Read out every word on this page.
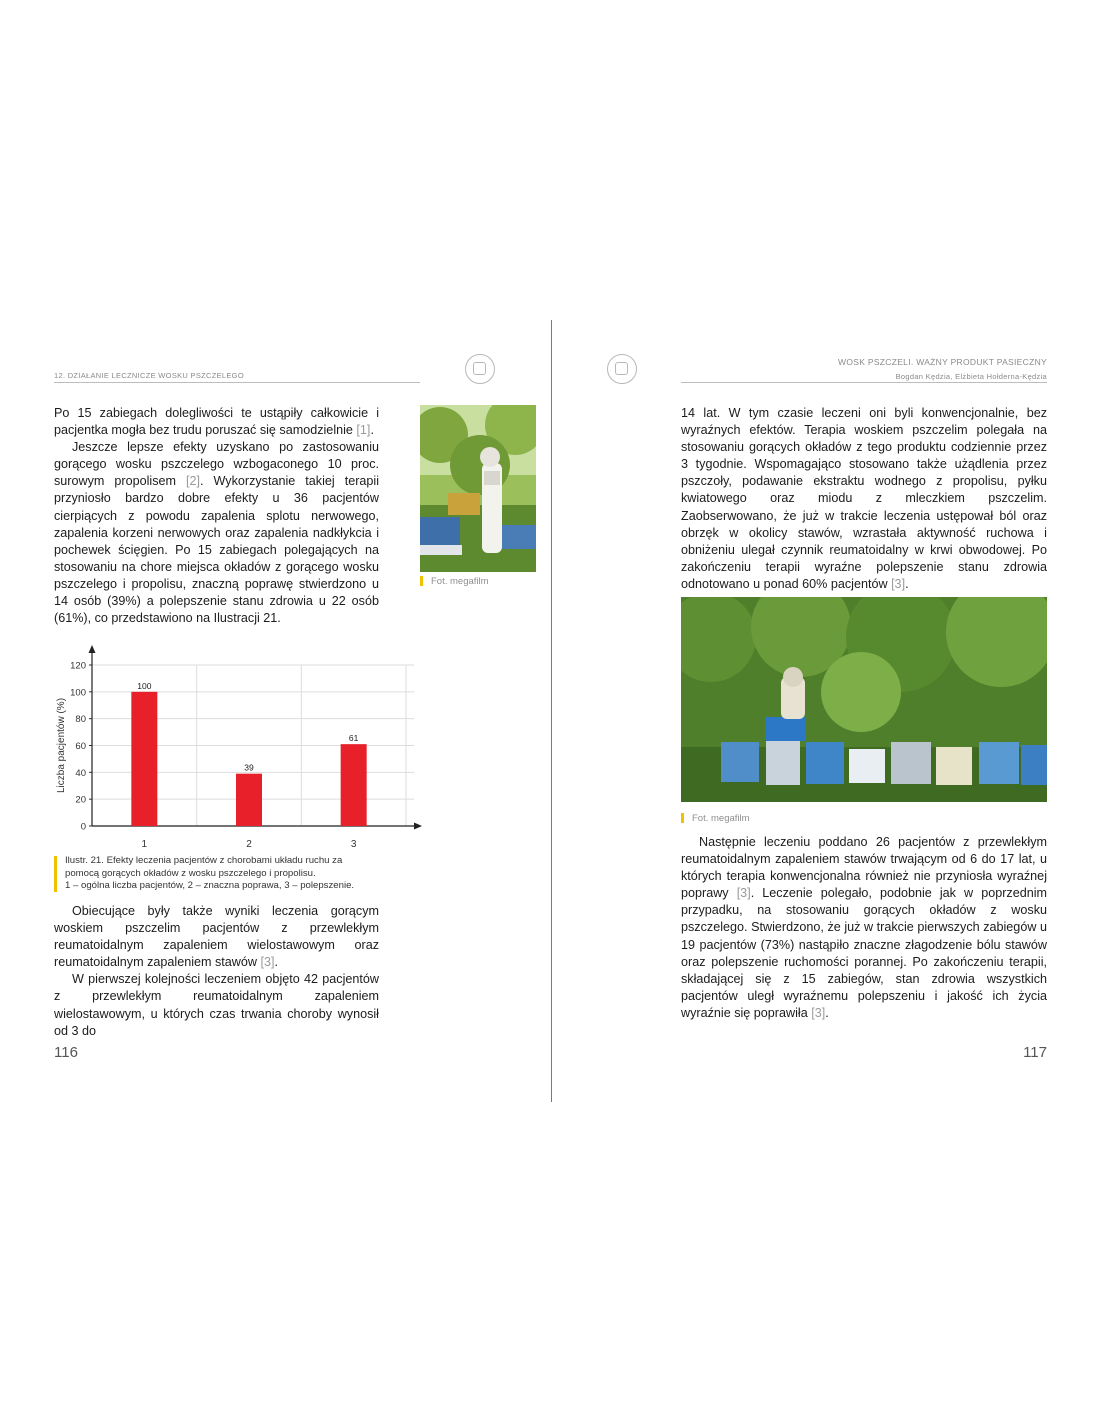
12. DZIAŁANIE LECZNICZE WOSKU PSZCZELEGO

Po 15 zabiegach dolegliwości te ustąpiły całkowicie i pacjentka mogła bez trudu poruszać się samodzielnie [1].

Jeszcze lepsze efekty uzyskano po zastosowaniu gorącego wosku pszczelego wzbogaconego 10 proc. surowym propolisem [2]. Wykorzystanie takiej terapii przyniosło bardzo dobre efekty u 36 pacjentów cierpiących z powodu zapalenia splotu nerwowego, zapalenia korzeni nerwowych oraz zapalenia nadkłykcia i pochewek ścięgien. Po 15 zabiegach polegających na stosowaniu na chore miejsca okładów z gorącego wosku pszczelego i propolisu, znaczną poprawę stwierdzono u 14 osób (39%) a polepszenie stanu zdrowia u 22 osób (61%), co przedstawiono na Ilustracji 21.

Fot. megafilm
0
20
40
60
80
100
120
100
1
39
2
61
3
Liczba pacjentów (%)
Ilustr. 21. Efekty leczenia pacjentów z chorobami układu ruchu za
pomocą gorących okładów z wosku pszczelego i propolisu.
1 – ogólna liczba pacjentów, 2 – znaczna poprawa, 3 – polepszenie.

Obiecujące były także wyniki leczenia gorącym woskiem pszczelim pacjentów z przewlekłym reumatoidalnym zapaleniem wielostawowym oraz reumatoidalnym zapaleniem stawów [3].

W pierwszej kolejności leczeniem objęto 42 pacjentów z przewlekłym reumatoidalnym zapaleniem wielostawowym, u których czas trwania choroby wynosił od 3 do

116
WOSK PSZCZELI. WAŻNY PRODUKT PASIECZNY
Bogdan Kędzia, Elżbieta Hołderna-Kędzia

14 lat. W tym czasie leczeni oni byli konwencjonalnie, bez wyraźnych efektów. Terapia woskiem pszczelim polegała na stosowaniu gorących okładów z tego produktu codziennie przez 3 tygodnie. Wspomagająco stosowano także użądlenia przez pszczoły, podawanie ekstraktu wodnego z propolisu, pyłku kwiatowego oraz miodu z mleczkiem pszczelim. Zaobserwowano, że już w trakcie leczenia ustępował ból oraz obrzęk w okolicy stawów, wzrastała aktywność ruchowa i obniżeniu ulegał czynnik reumatoidalny w krwi obwodowej. Po zakończeniu terapii wyraźne polepszenie stanu zdrowia odnotowano u ponad 60% pacjentów [3].

Fot. megafilm

Następnie leczeniu poddano 26 pacjentów z przewlekłym reumatoidalnym zapaleniem stawów trwającym od 6 do 17 lat, u których terapia konwencjonalna również nie przyniosła wyraźnej poprawy [3]. Leczenie polegało, podobnie jak w poprzednim przypadku, na stosowaniu gorących okładów z wosku pszczelego. Stwierdzono, że już w trakcie pierwszych zabiegów u 19 pacjentów (73%) nastąpiło znaczne złagodzenie bólu stawów oraz polepszenie ruchomości porannej. Po zakończeniu terapii, składającej się z 15 zabiegów, stan zdrowia wszystkich pacjentów uległ wyraźnemu polepszeniu i jakość ich życia wyraźnie się poprawiła [3].

117
